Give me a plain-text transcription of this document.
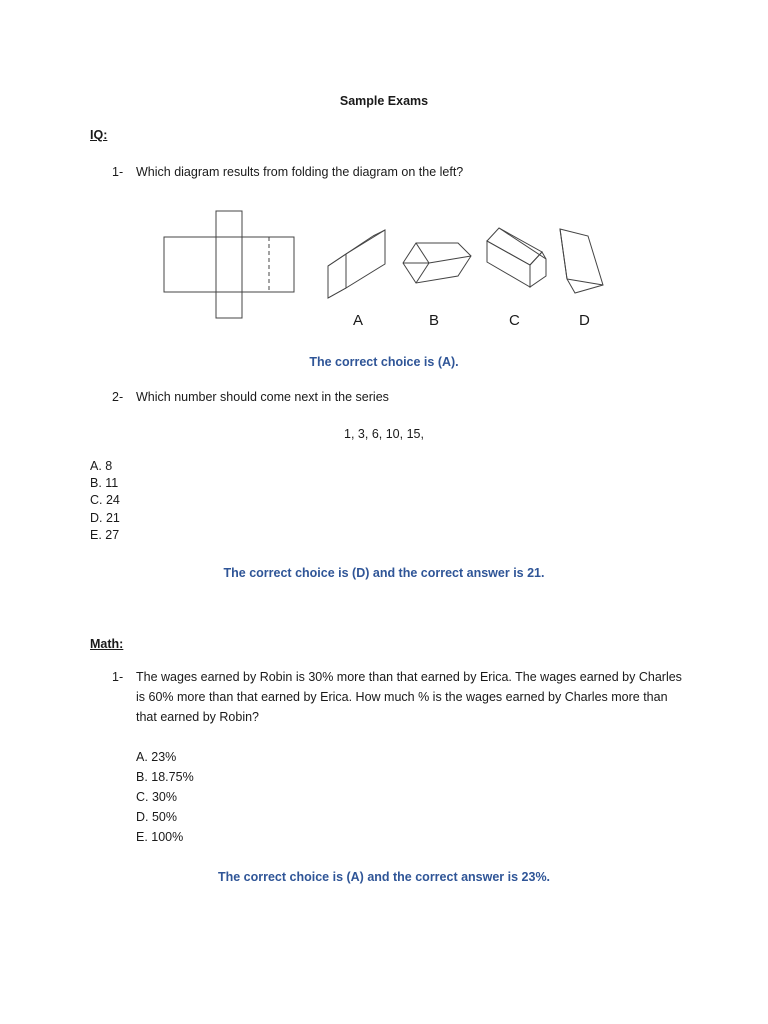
Sample Exams
IQ:
1- Which diagram results from folding the diagram on the left?
A	B	C	D
The correct choice is (A).
2- Which number should come next in the series
1, 3, 6, 10, 15,
A. 8
B. 11
C. 24
D. 21
E. 27
The correct choice is (D) and the correct answer is 21.
Math:
1- The wages earned by Robin is 30% more than that earned by Erica. The wages earned by Charles
is 60% more than that earned by Erica. How much % is the wages earned by Charles more than
that earned by Robin?
A. 23%
B. 18.75%
C. 30%
D. 50%
E. 100%
The correct choice is (A) and the correct answer is 23%.
